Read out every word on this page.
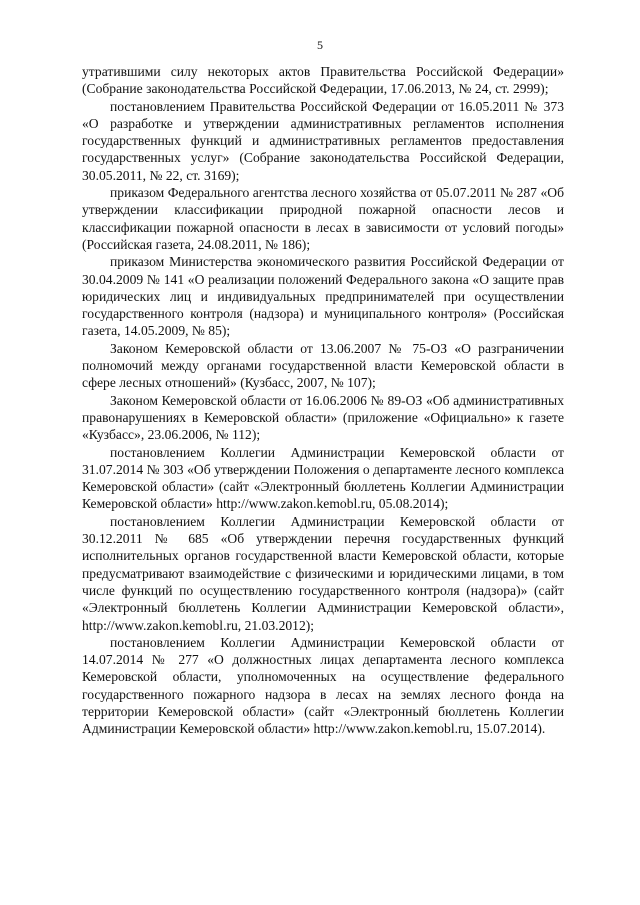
5

утратившими силу некоторых актов Правительства Российской Федерации» (Собрание законодательства Российской Федерации, 17.06.2013, № 24, ст. 2999);

постановлением Правительства Российской Федерации от 16.05.2011 № 373 «О разработке и утверждении административных регламентов исполнения государственных функций и административных регламентов предоставления государственных услуг» (Собрание законодательства Российской Федерации, 30.05.2011, № 22, ст. 3169);

приказом Федерального агентства лесного хозяйства от 05.07.2011 № 287 «Об утверждении классификации природной пожарной опасности лесов и классификации пожарной опасности в лесах в зависимости от условий погоды» (Российская газета, 24.08.2011, № 186);

приказом Министерства экономического развития Российской Федерации от 30.04.2009 № 141 «О реализации положений Федерального закона «О защите прав юридических лиц и индивидуальных предпринимателей при осуществлении государственного контроля (надзора) и муниципального контроля» (Российская газета, 14.05.2009, № 85);

Законом Кемеровской области от 13.06.2007 № 75-ОЗ «О разграничении полномочий между органами государственной власти Кемеровской области в сфере лесных отношений» (Кузбасс, 2007, № 107);

Законом Кемеровской области от 16.06.2006 № 89-ОЗ «Об административных правонарушениях в Кемеровской области» (приложение «Официально» к газете «Кузбасс», 23.06.2006, № 112);

постановлением Коллегии Администрации Кемеровской области от 31.07.2014 № 303 «Об утверждении Положения о департаменте лесного комплекса Кемеровской области» (сайт «Электронный бюллетень Коллегии Администрации Кемеровской области» http://www.zakon.kemobl.ru, 05.08.2014);

постановлением Коллегии Администрации Кемеровской области от 30.12.2011 № 685 «Об утверждении перечня государственных функций исполнительных органов государственной власти Кемеровской области, которые предусматривают взаимодействие с физическими и юридическими лицами, в том числе функций по осуществлению государственного контроля (надзора)» (сайт «Электронный бюллетень Коллегии Администрации Кемеровской области», http://www.zakon.kemobl.ru, 21.03.2012);

постановлением Коллегии Администрации Кемеровской области от 14.07.2014 № 277 «О должностных лицах департамента лесного комплекса Кемеровской области, уполномоченных на осуществление федерального государственного пожарного надзора в лесах на землях лесного фонда на территории Кемеровской области» (сайт «Электронный бюллетень Коллегии Администрации Кемеровской области» http://www.zakon.kemobl.ru, 15.07.2014).
